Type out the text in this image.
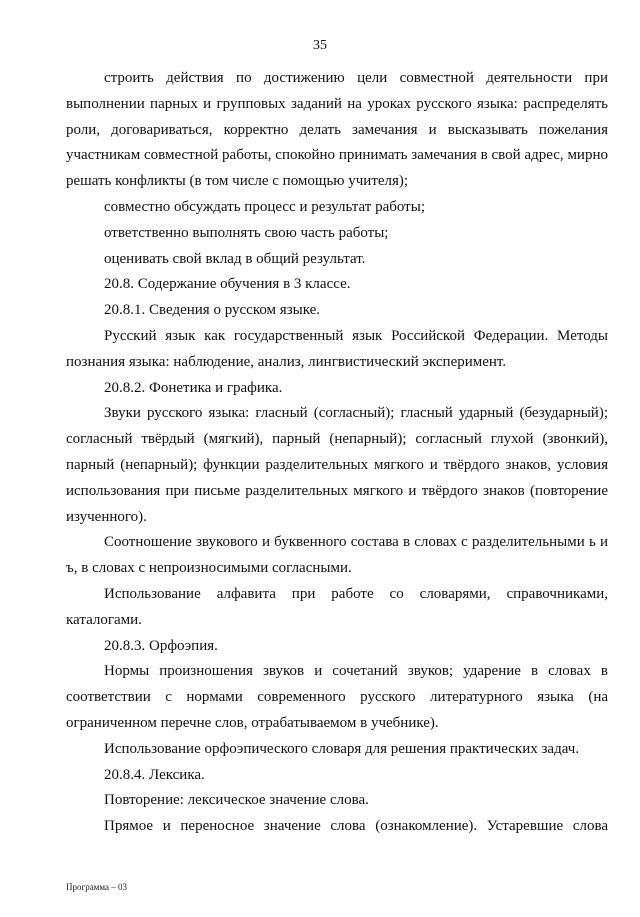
35

строить действия по достижению цели совместной деятельности при выполнении парных и групповых заданий на уроках русского языка: распределять роли, договариваться, корректно делать замечания и высказывать пожелания участникам совместной работы, спокойно принимать замечания в свой адрес, мирно решать конфликты (в том числе с помощью учителя);

совместно обсуждать процесс и результат работы;

ответственно выполнять свою часть работы;

оценивать свой вклад в общий результат.

20.8. Содержание обучения в 3 классе.

20.8.1. Сведения о русском языке.

Русский язык как государственный язык Российской Федерации. Методы познания языка: наблюдение, анализ, лингвистический эксперимент.

20.8.2. Фонетика и графика.

Звуки русского языка: гласный (согласный); гласный ударный (безударный); согласный твёрдый (мягкий), парный (непарный); согласный глухой (звонкий), парный (непарный); функции разделительных мягкого и твёрдого знаков, условия использования при письме разделительных мягкого и твёрдого знаков (повторение изученного).

Соотношение звукового и буквенного состава в словах с разделительными ь и ъ, в словах с непроизносимыми согласными.

Использование алфавита при работе со словарями, справочниками, каталогами.

20.8.3. Орфоэпия.

Нормы произношения звуков и сочетаний звуков; ударение в словах в соответствии с нормами современного русского литературного языка (на ограниченном перечне слов, отрабатываемом в учебнике).

Использование орфоэпического словаря для решения практических задач.

20.8.4. Лексика.

Повторение: лексическое значение слова.

Прямое и переносное значение слова (ознакомление). Устаревшие слова

Программа – 03
